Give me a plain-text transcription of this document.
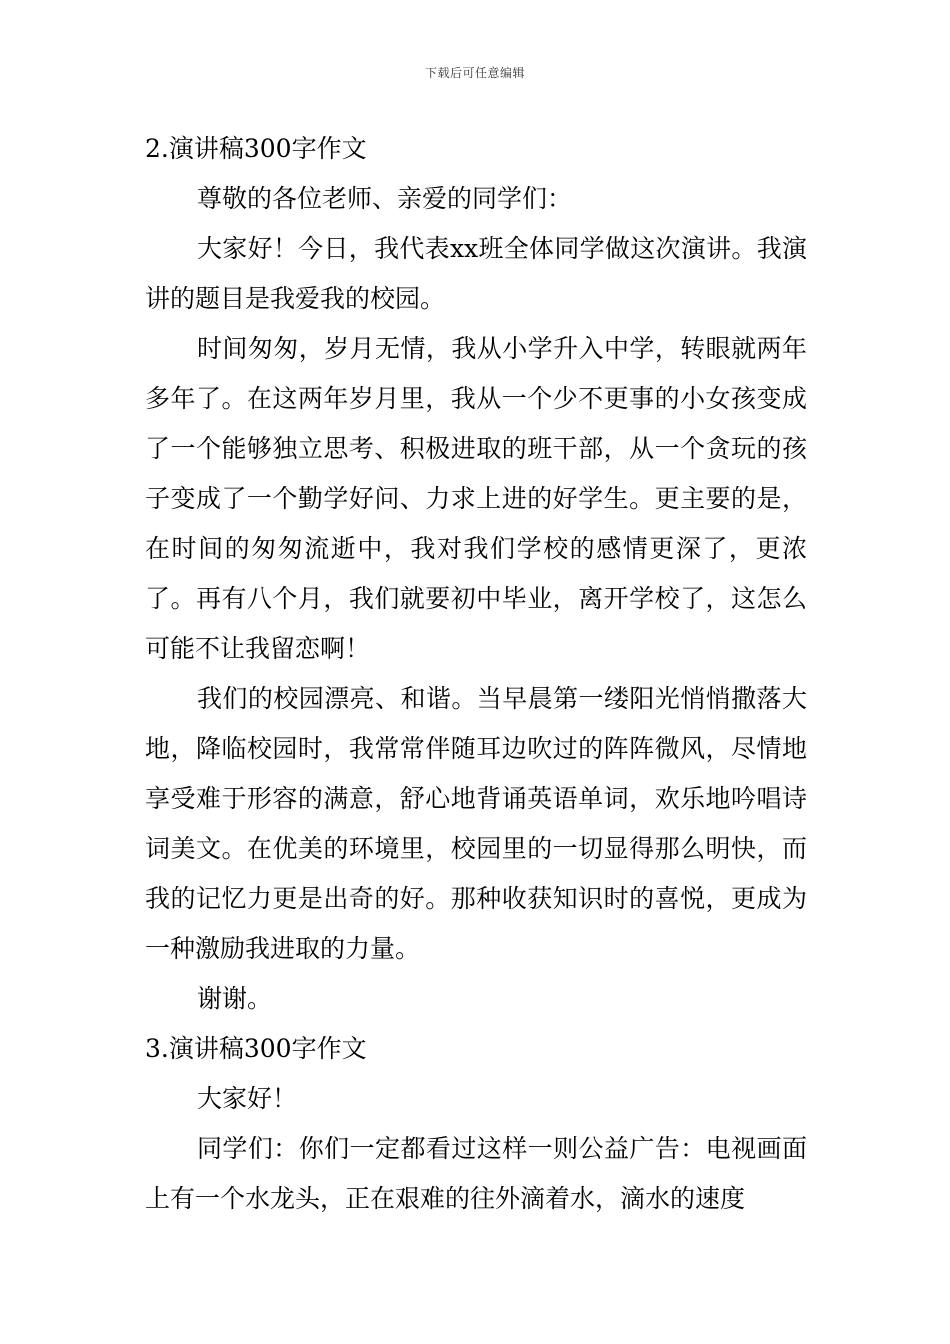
下载后可任意编辑

2.演讲稿300字作文

尊敬的各位老师、亲爱的同学们：

大家好！今日，我代表xx班全体同学做这次演讲。我演讲的题目是我爱我的校园。

时间匆匆，岁月无情，我从小学升入中学，转眼就两年多年了。在这两年岁月里，我从一个少不更事的小女孩变成了一个能够独立思考、积极进取的班干部，从一个贪玩的孩子变成了一个勤学好问、力求上进的好学生。更主要的是，在时间的匆匆流逝中，我对我们学校的感情更深了，更浓了。再有八个月，我们就要初中毕业，离开学校了，这怎么可能不让我留恋啊！

我们的校园漂亮、和谐。当早晨第一缕阳光悄悄撒落大地，降临校园时，我常常伴随耳边吹过的阵阵微风，尽情地享受难于形容的满意，舒心地背诵英语单词，欢乐地吟唱诗词美文。在优美的环境里，校园里的一切显得那么明快，而我的记忆力更是出奇的好。那种收获知识时的喜悦，更成为一种激励我进取的力量。

谢谢。

3.演讲稿300字作文

大家好！

同学们：你们一定都看过这样一则公益广告：电视画面上有一个水龙头，正在艰难的往外滴着水，滴水的速度
